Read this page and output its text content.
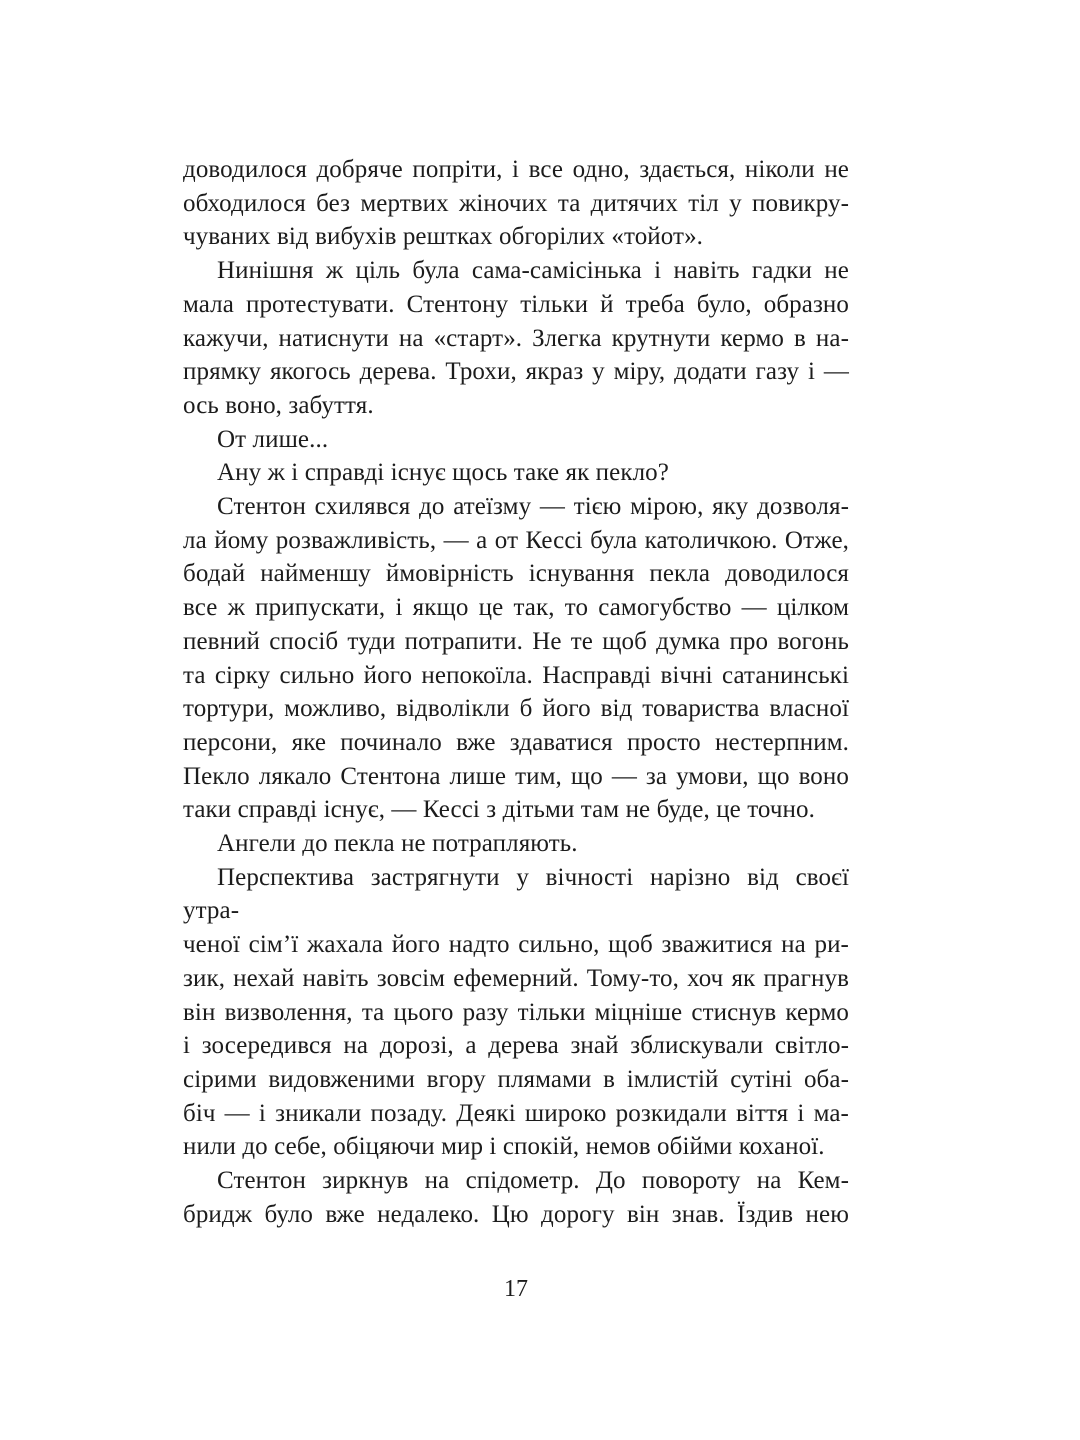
доводилося добряче попріти, і все одно, здається, ніколи не
обходилося без мертвих жіночих та дитячих тіл у повикру-
чуваних від вибухів рештках обгорілих «тойот».
Нинішня ж ціль була сама-самісінька і навіть гадки не
мала протестувати. Стентону тільки й треба було, образно
кажучи, натиснути на «старт». Злегка крутнути кермо в на-
прямку якогось дерева. Трохи, якраз у міру, додати газу і —
ось воно, забуття.
От лише...
Ану ж і справді існує щось таке як пекло?
Стентон схилявся до атеїзму — тією мірою, яку дозволя-
ла йому розважливість, — а от Кессі була католичкою. Отже,
бодай найменшу ймовірність існування пекла доводилося
все ж припускати, і якщо це так, то самогубство — цілком
певний спосіб туди потрапити. Не те щоб думка про вогонь
та сірку сильно його непокоїла. Насправді вічні сатанинські
тортури, можливо, відволікли б його від товариства власної
персони, яке починало вже здаватися просто нестерпним.
Пекло лякало Стентона лише тим, що — за умови, що воно
таки справді існує, — Кессі з дітьми там не буде, це точно.
Ангели до пекла не потрапляють.
Перспектива застрягнути у вічності нарізно від своєї утра-
ченої сім’ї жахала його надто сильно, щоб зважитися на ри-
зик, нехай навіть зовсім ефемерний. Тому-то, хоч як прагнув
він визволення, та цього разу тільки міцніше стиснув кермо
і зосередився на дорозі, а дерева знай зблискували світло-
сірими видовженими вгору плямами в імлистій сутіні оба-
біч — і зникали позаду. Деякі широко розкидали віття і ма-
нили до себе, обіцяючи мир і спокій, немов обійми коханої.
Стентон зиркнув на спідометр. До повороту на Кем-
бридж було вже недалеко. Цю дорогу він знав. Їздив нею
17
